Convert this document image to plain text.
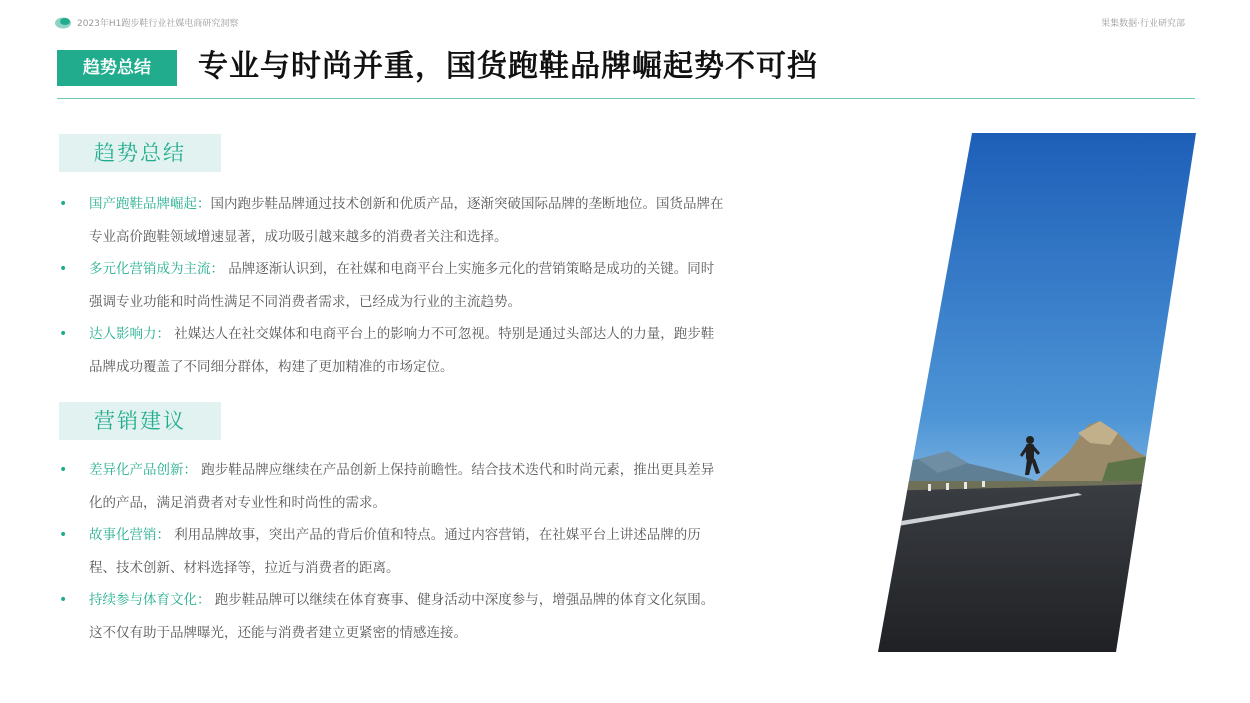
2023年H1跑步鞋行业社媒电商研究洞察	果集数据·行业研究部
趋势总结	专业与时尚并重，国货跑鞋品牌崛起势不可挡
趋势总结
• 国产跑鞋品牌崛起：国内跑步鞋品牌通过技术创新和优质产品，逐渐突破国际品牌的垄断地位。国货品牌在专业高价跑鞋领域增速显著，成功吸引越来越多的消费者关注和选择。
• 多元化营销成为主流： 品牌逐渐认识到，在社媒和电商平台上实施多元化的营销策略是成功的关键。同时强调专业功能和时尚性满足不同消费者需求，已经成为行业的主流趋势。
• 达人影响力： 社媒达人在社交媒体和电商平台上的影响力不可忽视。特别是通过头部达人的力量，跑步鞋品牌成功覆盖了不同细分群体，构建了更加精准的市场定位。
营销建议
• 差异化产品创新： 跑步鞋品牌应继续在产品创新上保持前瞻性。结合技术迭代和时尚元素，推出更具差异化的产品，满足消费者对专业性和时尚性的需求。
• 故事化营销： 利用品牌故事，突出产品的背后价值和特点。通过内容营销，在社媒平台上讲述品牌的历程、技术创新、材料选择等，拉近与消费者的距离。
• 持续参与体育文化： 跑步鞋品牌可以继续在体育赛事、健身活动中深度参与，增强品牌的体育文化氛围。这不仅有助于品牌曝光，还能与消费者建立更紧密的情感连接。
